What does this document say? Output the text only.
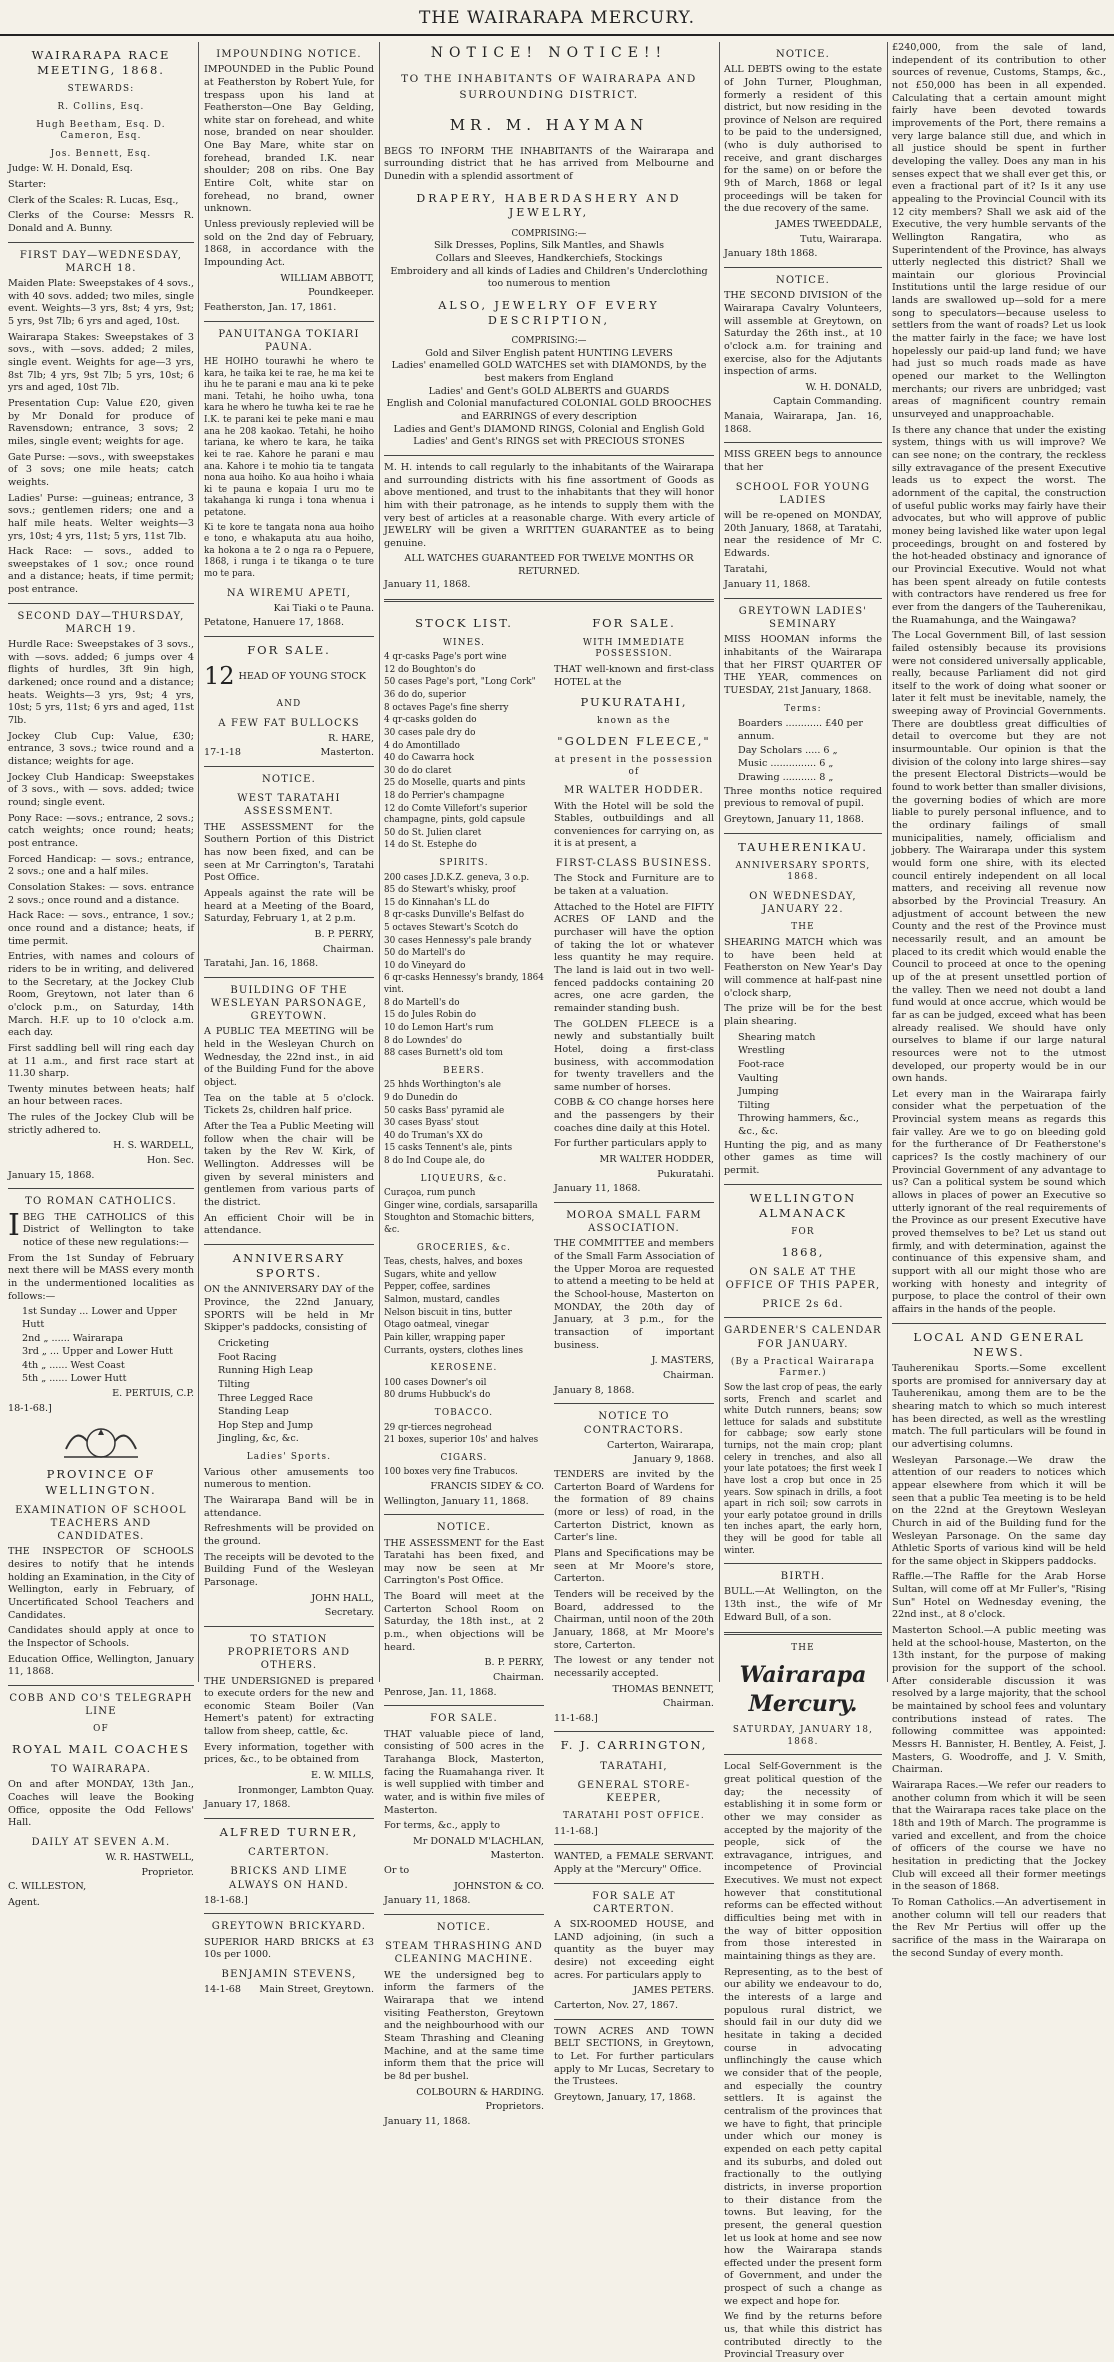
THE WAIRARAPA MERCURY.
WAIRARAPA RACE MEETING, 1868.
STEWARDS:
R. Collins, Esq.
Hugh Beetham, Esq. D. Cameron, Esq.
Jos. Bennett, Esq.

Judge: W. H. Donald, Esq.

Starter:

Clerk of the Scales: R. Lucas, Esq.,

Clerks of the Course: Messrs R. Donald and A. Bunny.

FIRST DAY—WEDNESDAY, MARCH 18.

Maiden Plate: Sweepstakes of 4 sovs., with 40 sovs. added; two miles, single event. Weights—3 yrs, 8st; 4 yrs, 9st; 5 yrs, 9st 7lb; 6 yrs and aged, 10st.

Wairarapa Stakes: Sweepstakes of 3 sovs., with —sovs. added; 2 miles, single event. Weights for age—3 yrs, 8st 7lb; 4 yrs, 9st 7lb; 5 yrs, 10st; 6 yrs and aged, 10st 7lb.

Presentation Cup: Value £20, given by Mr Donald for produce of Ravensdown; entrance, 3 sovs; 2 miles, single event; weights for age.

Gate Purse: —sovs., with sweepstakes of 3 sovs; one mile heats; catch weights.

Ladies' Purse: —guineas; entrance, 3 sovs.; gentlemen riders; one and a half mile heats. Welter weights—3 yrs, 10st; 4 yrs, 11st; 5 yrs, 11st 7lb.

Hack Race: — sovs., added to sweepstakes of 1 sov.; once round and a distance; heats, if time permit; post entrance.

SECOND DAY—THURSDAY, MARCH 19.

Hurdle Race: Sweepstakes of 3 sovs., with —sovs. added; 6 jumps over 4 flights of hurdles, 3ft 9in high, darkened; once round and a distance; heats. Weights—3 yrs, 9st; 4 yrs, 10st; 5 yrs, 11st; 6 yrs and aged, 11st 7lb.

Jockey Club Cup: Value, £30; entrance, 3 sovs.; twice round and a distance; weights for age.

Jockey Club Handicap: Sweepstakes of 3 sovs., with — sovs. added; twice round; single event.

Pony Race: —sovs.; entrance, 2 sovs.; catch weights; once round; heats; post entrance.

Forced Handicap: — sovs.; entrance, 2 sovs.; one and a half miles.

Consolation Stakes: — sovs. entrance 2 sovs.; once round and a distance.

Hack Race: — sovs., entrance, 1 sov.; once round and a distance; heats, if time permit.

Entries, with names and colours of riders to be in writing, and delivered to the Secretary, at the Jockey Club Room, Greytown, not later than 6 o'clock p.m., on Saturday, 14th March. H.F. up to 10 o'clock a.m. each day.

First saddling bell will ring each day at 11 a.m., and first race start at 11.30 sharp.

Twenty minutes between heats; half an hour between races.

The rules of the Jockey Club will be strictly adhered to.

H. S. WARDELL,
Hon. Sec.

January 15, 1868.

TO ROMAN CATHOLICS.

IBEG THE CATHOLICS of this District of Wellington to take notice of these new regulations:—

From the 1st Sunday of February next there will be MASS every month in the undermentioned localities as follows:—

1st Sunday ... Lower and Upper Hutt
2nd „ ...... Wairarapa
3rd „ ... Upper and Lower Hutt
4th „ ...... West Coast
5th „ ...... Lower Hutt
E. PERTUIS, C.P.

18-1-68.]

PROVINCE OF WELLINGTON.
EXAMINATION OF SCHOOL TEACHERS AND CANDIDATES.

THE INSPECTOR OF SCHOOLS desires to notify that he intends holding an Examination, in the City of Wellington, early in February, of Uncertificated School Teachers and Candidates.

Candidates should apply at once to the Inspector of Schools.

Education Office, Wellington, January 11, 1868.

COBB AND CO'S TELEGRAPH LINE
OF
ROYAL MAIL COACHES
TO WAIRARAPA.

On and after MONDAY, 13th Jan., Coaches will leave the Booking Office, opposite the Odd Fellows' Hall.

DAILY AT SEVEN A.M.
W. R. HASTWELL,
Proprietor.

C. WILLESTON,

Agent.

IMPOUNDING NOTICE.

IMPOUNDED in the Public Pound at Featherston by Robert Yule, for trespass upon his land at Featherston—One Bay Gelding, white star on forehead, and white nose, branded on near shoulder. One Bay Mare, white star on forehead, branded I.K. near shoulder; 208 on ribs. One Bay Entire Colt, white star on forehead, no brand, owner unknown.

Unless previously replevied will be sold on the 2nd day of February, 1868, in accordance with the Impounding Act.

WILLIAM ABBOTT,
Poundkeeper.

Featherston, Jan. 17, 1861.

PANUITANGA TOKIARI PAUNA.

HE HOIHO tourawhi he whero te kara, he taika kei te rae, he ma kei te ihu he te parani e mau ana ki te peke mani. Tetahi, he hoiho uwha, tona kara he whero he tuwha kei te rae he I.K. te parani kei te peke mani e mau ana he 208 kaokao. Tetahi, he hoiho tariana, ke whero te kara, he taika kei te rae. Kahore he parani e mau ana. Kahore i te mohio tia te tangata nona aua hoiho. Ko aua hoiho i whaia ki te pauna e kopaia I uru mo te takahanga ki runga i tona whenua i petatone.

Ki te kore te tangata nona aua hoiho e tono, e whakaputa atu aua hoiho, ka hokona a te 2 o nga ra o Pepuere, 1868, i runga i te tikanga o te ture mo te para.

NA WIREMU APETI,
Kai Tiaki o te Pauna.

Petatone, Hanuere 17, 1868.

FOR SALE.
12 HEAD OF YOUNG STOCK
AND
A FEW FAT BULLOCKS
R. HARE,
17-1-18	Masterton.
NOTICE.
WEST TARATAHI ASSESSMENT.

THE ASSESSMENT for the Southern Portion of this District has now been fixed, and can be seen at Mr Carrington's, Taratahi Post Office.

Appeals against the rate will be heard at a Meeting of the Board, Saturday, February 1, at 2 p.m.

B. P. PERRY,
Chairman.

Taratahi, Jan. 16, 1868.

BUILDING OF THE WESLEYAN PARSONAGE, GREYTOWN.

A PUBLIC TEA MEETING will be held in the Wesleyan Church on Wednesday, the 22nd inst., in aid of the Building Fund for the above object.

Tea on the table at 5 o'clock. Tickets 2s, children half price.

After the Tea a Public Meeting will follow when the chair will be taken by the Rev W. Kirk, of Wellington. Addresses will be given by several ministers and gentlemen from various parts of the district.

An efficient Choir will be in attendance.

ANNIVERSARY SPORTS.

ON the ANNIVERSARY DAY of the Province, the 22nd January, SPORTS will be held in Mr Skipper's paddocks, consisting of

Cricketing
Foot Racing
Running High Leap
Tilting
Three Legged Race
Standing Leap
Hop Step and Jump
Jingling, &c, &c.
Ladies' Sports.

Various other amusements too numerous to mention.

The Wairarapa Band will be in attendance.

Refreshments will be provided on the ground.

The receipts will be devoted to the Building Fund of the Wesleyan Parsonage.

JOHN HALL,
Secretary.
TO STATION PROPRIETORS AND OTHERS.

THE UNDERSIGNED is prepared to execute orders for the new and economic Steam Boiler (Van Hemert's patent) for extracting tallow from sheep, cattle, &c.

Every information, together with prices, &c., to be obtained from

E. W. MILLS,
Ironmonger, Lambton Quay.

January 17, 1868.

ALFRED TURNER,
CARTERTON.
BRICKS AND LIME ALWAYS ON HAND.

18-1-68.]

GREYTOWN BRICKYARD.

SUPERIOR HARD BRICKS at £3 10s per 1000.

BENJAMIN STEVENS,
14-1-68 Main Street, Greytown.
NOTICE! NOTICE!!
TO THE INHABITANTS OF WAIRARAPA AND SURROUNDING DISTRICT.
MR. M. HAYMAN

BEGS TO INFORM THE INHABITANTS of the Wairarapa and surrounding district that he has arrived from Melbourne and Dunedin with a splendid assortment of

DRAPERY, HABERDASHERY AND JEWELRY,
COMPRISING:—
Silk Dresses, Poplins, Silk Mantles, and Shawls
Collars and Sleeves, Handkerchiefs, Stockings
Embroidery and all kinds of Ladies and Children's Underclothing too numerous to mention
ALSO, JEWELRY OF EVERY DESCRIPTION,
COMPRISING:—
Gold and Silver English patent HUNTING LEVERS
Ladies' enamelled GOLD WATCHES set with DIAMONDS, by the best makers from England
Ladies' and Gent's GOLD ALBERTS and GUARDS
English and Colonial manufactured COLONIAL GOLD BROOCHES and EARRINGS of every description
Ladies and Gent's DIAMOND RINGS, Colonial and English Gold
Ladies' and Gent's RINGS set with PRECIOUS STONES

M. H. intends to call regularly to the inhabitants of the Wairarapa and surrounding districts with his fine assortment of Goods as above mentioned, and trust to the inhabitants that they will honor him with their patronage, as he intends to supply them with the very best of articles at a reasonable charge. With every article of JEWELRY will be given a WRITTEN GUARANTEE as to being genuine.

ALL WATCHES GUARANTEED FOR TWELVE MONTHS OR RETURNED.

January 11, 1868.

STOCK LIST.
WINES.
4 qr-casks Page's port wine
12 do Boughton's do
50 cases Page's port, "Long Cork"
36 do do, superior
8 octaves Page's fine sherry
4 qr-casks golden do
30 cases pale dry do
4 do Amontillado
40 do Cawarra hock
30 do do claret
25 do Moselle, quarts and pints
18 do Perrier's champagne
12 do Comte Villefort's superior champagne, pints, gold capsule
50 do St. Julien claret
14 do St. Estephe do
SPIRITS.
200 cases J.D.K.Z. geneva, 3 o.p.
85 do Stewart's whisky, proof
15 do Kinnahan's LL do
8 qr-casks Dunville's Belfast do
5 octaves Stewart's Scotch do
30 cases Hennessy's pale brandy
50 do Martell's do
10 do Vineyard do
6 qr-casks Hennessy's brandy, 1864 vint.
8 do Martell's do
15 do Jules Robin do
10 do Lemon Hart's rum
8 do Lowndes' do
88 cases Burnett's old tom
BEERS.
25 hhds Worthington's ale
9 do Dunedin do
50 casks Bass' pyramid ale
30 cases Byass' stout
40 do Truman's XX do
15 casks Tennent's ale, pints
8 do Ind Coupe ale, do
LIQUEURS, &c.
Curaçoa, rum punch
Ginger wine, cordials, sarsaparilla
Stoughton and Stomachic bitters, &c.
GROCERIES, &c.
Teas, chests, halves, and boxes
Sugars, white and yellow
Pepper, coffee, sardines
Salmon, mustard, candles
Nelson biscuit in tins, butter
Otago oatmeal, vinegar
Pain killer, wrapping paper
Currants, oysters, clothes lines
KEROSENE.
100 cases Downer's oil
80 drums Hubbuck's do
TOBACCO.
29 qr-tierces negrohead
21 boxes, superior 10s' and halves
CIGARS.
100 boxes very fine Trabucos.
FRANCIS SIDEY & CO.

Wellington, January 11, 1868.

NOTICE.

THE ASSESSMENT for the East Taratahi has been fixed, and may now be seen at Mr Carrington's Post Office.

The Board will meet at the Carterton School Room on Saturday, the 18th inst., at 2 p.m., when objections will be heard.

B. P. PERRY,
Chairman.

Penrose, Jan. 11, 1868.

FOR SALE.

THAT valuable piece of land, consisting of 500 acres in the Tarahanga Block, Masterton, facing the Ruamahanga river. It is well supplied with timber and water, and is within five miles of Masterton.

For terms, &c., apply to

Mr DONALD M'LACHLAN,
Masterton.

Or to

JOHNSTON & CO.

January 11, 1868.

NOTICE.
STEAM THRASHING AND CLEANING MACHINE.

WE the undersigned beg to inform the farmers of the Wairarapa that we intend visiting Featherston, Greytown and the neighbourhood with our Steam Thrashing and Cleaning Machine, and at the same time inform them that the price will be 8d per bushel.

COLBOURN & HARDING.
Proprietors.

January 11, 1868.

FOR SALE.
WITH IMMEDIATE POSSESSION.

THAT well-known and first-class HOTEL at the

PUKURATAHI,
known as the
"GOLDEN FLEECE,"
at present in the possession of
MR WALTER HODDER.

With the Hotel will be sold the Stables, outbuildings and all conveniences for carrying on, as it is at present, a

FIRST-CLASS BUSINESS.

The Stock and Furniture are to be taken at a valuation.

Attached to the Hotel are FIFTY ACRES OF LAND and the purchaser will have the option of taking the lot or whatever less quantity he may require. The land is laid out in two well-fenced paddocks containing 20 acres, one acre garden, the remainder standing bush.

The GOLDEN FLEECE is a newly and substantially built Hotel, doing a first-class business, with accommodation for twenty travellers and the same number of horses.

COBB & CO change horses here and the passengers by their coaches dine daily at this Hotel.

For further particulars apply to

MR WALTER HODDER,
Pukuratahi.

January 11, 1868.

MOROA SMALL FARM ASSOCIATION.

THE COMMITTEE and members of the Small Farm Association of the Upper Moroa are requested to attend a meeting to be held at the School-house, Masterton on MONDAY, the 20th day of January, at 3 p.m., for the transaction of important business.

J. MASTERS,
Chairman.

January 8, 1868.

NOTICE TO CONTRACTORS.
Carterton, Wairarapa,
January 9, 1868.

TENDERS are invited by the Carterton Board of Wardens for the formation of 89 chains (more or less) of road, in the Carterton District, known as Carter's line.

Plans and Specifications may be seen at Mr Moore's store, Carterton.

Tenders will be received by the Board, addressed to the Chairman, until noon of the 20th January, 1868, at Mr Moore's store, Carterton.

The lowest or any tender not necessarily accepted.

THOMAS BENNETT,
Chairman.

11-1-68.]

F. J. CARRINGTON,
TARATAHI,
GENERAL STORE-KEEPER,
TARATAHI POST OFFICE.

11-1-68.]

WANTED, a FEMALE SERVANT. Apply at the "Mercury" Office.

FOR SALE AT CARTERTON.

A SIX-ROOMED HOUSE, and LAND adjoining, (in such a quantity as the buyer may desire) not exceeding eight acres. For particulars apply to

JAMES PETERS.

Carterton, Nov. 27, 1867.

TOWN ACRES AND TOWN BELT SECTIONS, in Greytown, to Let. For further particulars apply to Mr Lucas, Secretary to the Trustees.

Greytown, January, 17, 1868.

NOTICE.

ALL DEBTS owing to the estate of John Turner, Ploughman, formerly a resident of this district, but now residing in the province of Nelson are required to be paid to the undersigned, (who is duly authorised to receive, and grant discharges for the same) on or before the 9th of March, 1868 or legal proceedings will be taken for the due recovery of the same.

JAMES TWEEDDALE,
Tutu, Wairarapa.

January 18th 1868.

NOTICE.

THE SECOND DIVISION of the Wairarapa Cavalry Volunteers, will assemble at Greytown, on Saturday the 26th inst., at 10 o'clock a.m. for training and exercise, also for the Adjutants inspection of arms.

W. H. DONALD,
Captain Commanding.

Manaia, Wairarapa, Jan. 16, 1868.

MISS GREEN begs to announce that her

SCHOOL FOR YOUNG LADIES

will be re-opened on MONDAY, 20th January, 1868, at Taratahi, near the residence of Mr C. Edwards.

Taratahi,

January 11, 1868.

GREYTOWN LADIES' SEMINARY

MISS HOOMAN informs the inhabitants of the Wairarapa that her FIRST QUARTER OF THE YEAR, commences on TUESDAY, 21st January, 1868.

Terms:
Boarders ............ £40 per annum.
Day Scholars ..... 6 „
Music ............... 6 „
Drawing ........... 8 „

Three months notice required previous to removal of pupil.

Greytown, January 11, 1868.

TAUHERENIKAU.
ANNIVERSARY SPORTS, 1868.
ON WEDNESDAY, JANUARY 22.
THE

SHEARING MATCH which was to have been held at Featherston on New Year's Day will commence at half-past nine o'clock sharp,

The prize will be for the best plain shearing.

Shearing match
Wrestling
Foot-race
Vaulting
Jumping
Tilting
Throwing hammers, &c., &c., &c.

Hunting the pig, and as many other games as time will permit.

WELLINGTON ALMANACK
FOR
1868,
ON SALE AT THE OFFICE OF THIS PAPER,
PRICE 2s 6d.
GARDENER'S CALENDAR FOR JANUARY.
(By a Practical Wairarapa Farmer.)

Sow the last crop of peas, the early sorts, French and scarlet and white Dutch runners, beans; sow lettuce for salads and substitute for cabbage; sow early stone turnips, not the main crop; plant celery in trenches, and also all your late potatoes; the first week I have lost a crop but once in 25 years. Sow spinach in drills, a foot apart in rich soil; sow carrots in your early potatoe ground in drills ten inches apart, the early horn, they will be good for table all winter.

BIRTH.

BULL.—At Wellington, on the 13th inst., the wife of Mr Edward Bull, of a son.

THE
Wairarapa Mercury.
SATURDAY, JANUARY 18, 1868.

Local Self-Government is the great political question of the day; the necessity of establishing it in some form or other we may consider as accepted by the majority of the people, sick of the extravagance, intrigues, and incompetence of Provincial Executives. We must not expect however that constitutional reforms can be effected without difficulties being met with in the way of bitter opposition from those interested in maintaining things as they are.

Representing, as to the best of our ability we endeavour to do, the interests of a large and populous rural district, we should fail in our duty did we hesitate in taking a decided course in advocating unflinchingly the cause which we consider that of the people, and especially the country settlers. It is against the centralism of the provinces that we have to fight, that principle under which our money is expended on each petty capital and its suburbs, and doled out fractionally to the outlying districts, in inverse proportion to their distance from the towns. But leaving, for the present, the general question let us look at home and see now how the Wairarapa stands effected under the present form of Government, and under the prospect of such a change as we expect and hope for.

We find by the returns before us, that while this district has contributed directly to the Provincial Treasury over

£240,000, from the sale of land, independent of its contribution to other sources of revenue, Customs, Stamps, &c., not £50,000 has been in all expended. Calculating that a certain amount might fairly have been devoted towards improvements of the Port, there remains a very large balance still due, and which in all justice should be spent in further developing the valley. Does any man in his senses expect that we shall ever get this, or even a fractional part of it? Is it any use appealing to the Provincial Council with its 12 city members? Shall we ask aid of the Executive, the very humble servants of the Wellington Rangatira, who as Superintendent of the Province, has always utterly neglected this district? Shall we maintain our glorious Provincial Institutions until the large residue of our lands are swallowed up—sold for a mere song to speculators—because useless to settlers from the want of roads? Let us look the matter fairly in the face; we have lost hopelessly our paid-up land fund; we have had just so much roads made as have opened our market to the Wellington merchants; our rivers are unbridged; vast areas of magnificent country remain unsurveyed and unapproachable.

Is there any chance that under the existing system, things with us will improve? We can see none; on the contrary, the reckless silly extravagance of the present Executive leads us to expect the worst. The adornment of the capital, the construction of useful public works may fairly have their advocates, but who will approve of public money being lavished like water upon legal proceedings, brought on and fostered by the hot-headed obstinacy and ignorance of our Provincial Executive. Would not what has been spent already on futile contests with contractors have rendered us free for ever from the dangers of the Tauherenikau, the Ruamahunga, and the Waingawa?

The Local Government Bill, of last session failed ostensibly because its provisions were not considered universally applicable, really, because Parliament did not gird itself to the work of doing what sooner or later it felt must be inevitable, namely, the sweeping away of Provincial Governments. There are doubtless great difficulties of detail to overcome but they are not insurmountable. Our opinion is that the division of the colony into large shires—say the present Electoral Districts—would be found to work better than smaller divisions, the governing bodies of which are more liable to purely personal influence, and to the ordinary failings of small municipalities, namely, officialism and jobbery. The Wairarapa under this system would form one shire, with its elected council entirely independent on all local matters, and receiving all revenue now absorbed by the Provincial Treasury. An adjustment of account between the new County and the rest of the Province must necessarily result, and an amount be placed to its credit which would enable the Council to proceed at once to the opening up of the at present unsettled portion of the valley. Then we need not doubt a land fund would at once accrue, which would be far as can be judged, exceed what has been already realised. We should have only ourselves to blame if our large natural resources were not to the utmost developed, our property would be in our own hands.

Let every man in the Wairarapa fairly consider what the perpetuation of the Provincial system means as regards this fair valley. Are we to go on bleeding gold for the furtherance of Dr Featherstone's caprices? Is the costly machinery of our Provincial Government of any advantage to us? Can a political system be sound which allows in places of power an Executive so utterly ignorant of the real requirements of the Province as our present Executive have proved themselves to be? Let us stand out firmly, and with determination, against the continuance of this expensive sham, and support with all our might those who are working with honesty and integrity of purpose, to place the control of their own affairs in the hands of the people.

LOCAL AND GENERAL NEWS.

Tauherenikau Sports.—Some excellent sports are promised for anniversary day at Tauherenikau, among them are to be the shearing match to which so much interest has been directed, as well as the wrestling match. The full particulars will be found in our advertising columns.

Wesleyan Parsonage.—We draw the attention of our readers to notices which appear elsewhere from which it will be seen that a public Tea meeting is to be held on the 22nd at the Greytown Wesleyan Church in aid of the Building fund for the Wesleyan Parsonage. On the same day Athletic Sports of various kind will be held for the same object in Skippers paddocks.

Raffle.—The Raffle for the Arab Horse Sultan, will come off at Mr Fuller's, "Rising Sun" Hotel on Wednesday evening, the 22nd inst., at 8 o'clock.

Masterton School.—A public meeting was held at the school-house, Masterton, on the 13th instant, for the purpose of making provision for the support of the school. After considerable discussion it was resolved by a large majority, that the school be maintained by school fees and voluntary contributions instead of rates. The following committee was appointed: Messrs H. Bannister, H. Bentley, A. Feist, J. Masters, G. Woodroffe, and J. V. Smith, Chairman.

Wairarapa Races.—We refer our readers to another column from which it will be seen that the Wairarapa races take place on the 18th and 19th of March. The programme is varied and excellent, and from the choice of officers of the course we have no hesitation in predicting that the Jockey Club will exceed all their former meetings in the season of 1868.

To Roman Catholics.—An advertisement in another column will tell our readers that the Rev Mr Pertius will offer up the sacrifice of the mass in the Wairarapa on the second Sunday of every month.
